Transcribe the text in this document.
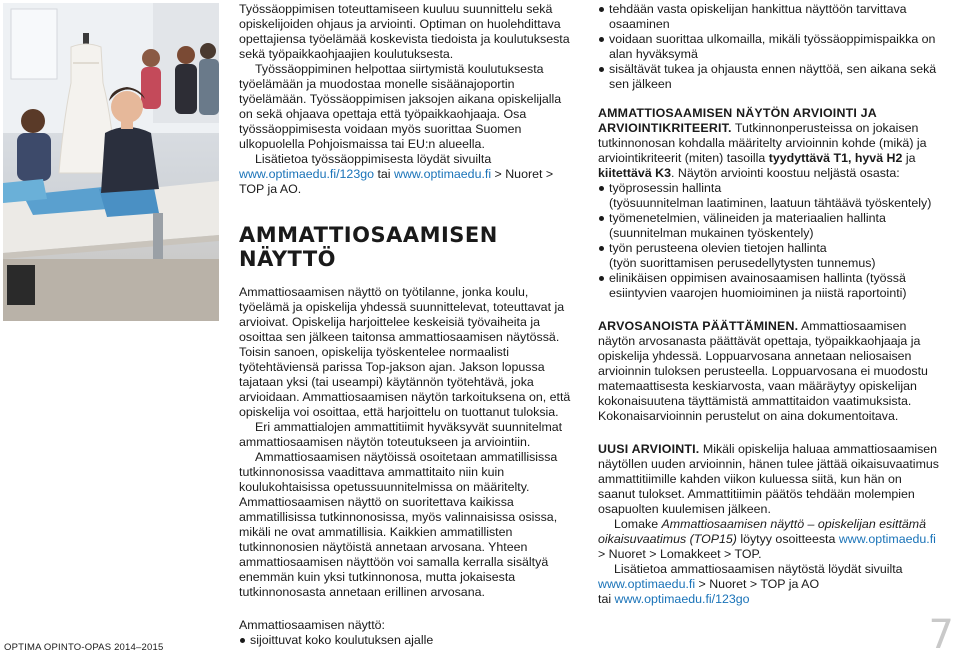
Työssäoppimisen toteuttamiseen kuuluu suunnittelu sekä opiskelijoiden ohjaus ja arviointi. Optiman on huolehdittava opettajiensa työelämää koskevista tiedoista ja koulutuksesta sekä työpaikkaohjaajien koulutuksesta.

Työssäoppiminen helpottaa siirtymistä koulutuksesta työelämään ja muodostaa monelle sisäänajoportin työelämään. Työssäoppimisen jaksojen aikana opiskelijalla on sekä ohjaava opettaja että työpaikkaohjaaja. Osa työssäoppimisesta voidaan myös suorittaa Suomen ulkopuolella Pohjoismaissa tai EU:n alueella.

Lisätietoa työssäoppimisesta löydät sivuilta
www.optimaedu.fi/123go tai www.optimaedu.fi > Nuoret > TOP ja AO.

AMMATTIOSAAMISEN NÄYTTÖ

Ammattiosaamisen näyttö on työtilanne, jonka koulu, työelämä ja opiskelija yhdessä suunnittelevat, toteuttavat ja arvioivat. Opiskelija harjoittelee keskeisiä työvaiheita ja osoittaa sen jälkeen taitonsa ammattiosaamisen näytössä. Toisin sanoen, opiskelija työskentelee normaalisti työtehtäviensä parissa Top-jakson ajan. Jakson lopussa tajataan yksi (tai useampi) käytännön työtehtävä, joka arvioidaan. Ammattiosaamisen näytön tarkoituksena on, että opiskelija voi osoittaa, että harjoittelu on tuottanut tuloksia.

Eri ammattialojen ammattitiimit hyväksyvät suunnitelmat ammattiosaamisen näytön toteutukseen ja arviointiin.

Ammattiosaamisen näytöissä osoitetaan ammatillisissa tutkinnonosissa vaadittava ammattitaito niin kuin koulukohtaisissa opetussuunnitelmissa on määritelty. Ammattiosaamisen näyttö on suoritettava kaikissa ammatillisissa tutkinnonosissa, myös valinnaisissa osissa, mikäli ne ovat ammatillisia. Kaikkien ammatillisten tutkinnonosien näytöistä annetaan arvosana. Yhteen ammattiosaamisen näyttöön voi samalla kerralla sisältyä enemmän kuin yksi tutkinnonosa, mutta jokaisesta tutkinnonosasta annetaan erillinen arvosana.

Ammattiosaamisen näyttö:

sijoittuvat koko koulutuksen ajalle
tehdään vasta opiskelijan hankittua näyttöön tarvittava osaaminen
voidaan suorittaa ulkomailla, mikäli työssäoppimispaikka on alan hyväksymä
sisältävät tukea ja ohjausta ennen näyttöä, sen aikana sekä sen jälkeen

AMMATTIOSAAMISEN NÄYTÖN ARVIOINTI JA ARVIOINTIKRITEERIT. Tutkinnonperusteissa on jokaisen tutkinnonosan kohdalla määritelty arvioinnin kohde (mikä) ja arviointikriteerit (miten) tasoilla tyydyttävä T1, hyvä H2 ja kiitettävä K3. Näytön arviointi koostuu neljästä osasta:

työprosessin hallinta
(työsuunnitelman laatiminen, laatuun tähtäävä työskentely)
työmenetelmien, välineiden ja materiaalien hallinta
(suunnitelman mukainen työskentely)
työn perusteena olevien tietojen hallinta
(työn suorittamisen perusedellytysten tunnemus)
elinikäisen oppimisen avainosaamisen hallinta (työssä esiintyvien vaarojen huomioiminen ja niistä raportointi)

ARVOSANOISTA PÄÄTTÄMINEN. Ammattiosaamisen näytön arvosanasta päättävät opettaja, työpaikkaohjaaja ja opiskelija yhdessä. Loppuarvosana annetaan neliosaisen arvioinnin tuloksen perusteella. Loppuarvosana ei muodostu matemaattisesta keskiarvosta, vaan määräytyy opiskelijan kokonaisuutena täyttämistä ammattitaidon vaatimuksista. Kokonaisarvioinnin perustelut on aina dokumentoitava.

UUSI ARVIOINTI. Mikäli opiskelija haluaa ammattiosaamisen näytöllen uuden arvioinnin, hänen tulee jättää oikaisuvaatimus ammattitiimille kahden viikon kuluessa siitä, kun hän on saanut tulokset. Ammattitiimin päätös tehdään molempien osapuolten kuulemisen jälkeen.

Lomake Ammattiosaamisen näyttö – opiskelijan esittämä oikaisuvaatimus (TOP15) löytyy osoitteesta www.optimaedu.fi > Nuoret > Lomakkeet > TOP.

Lisätietoa ammattiosaamisen näytöstä löydät sivuilta

www.optimaedu.fi > Nuoret > TOP ja AO
tai www.optimaedu.fi/123go

OPTIMA OPINTO-OPAS 2014–2015	7
